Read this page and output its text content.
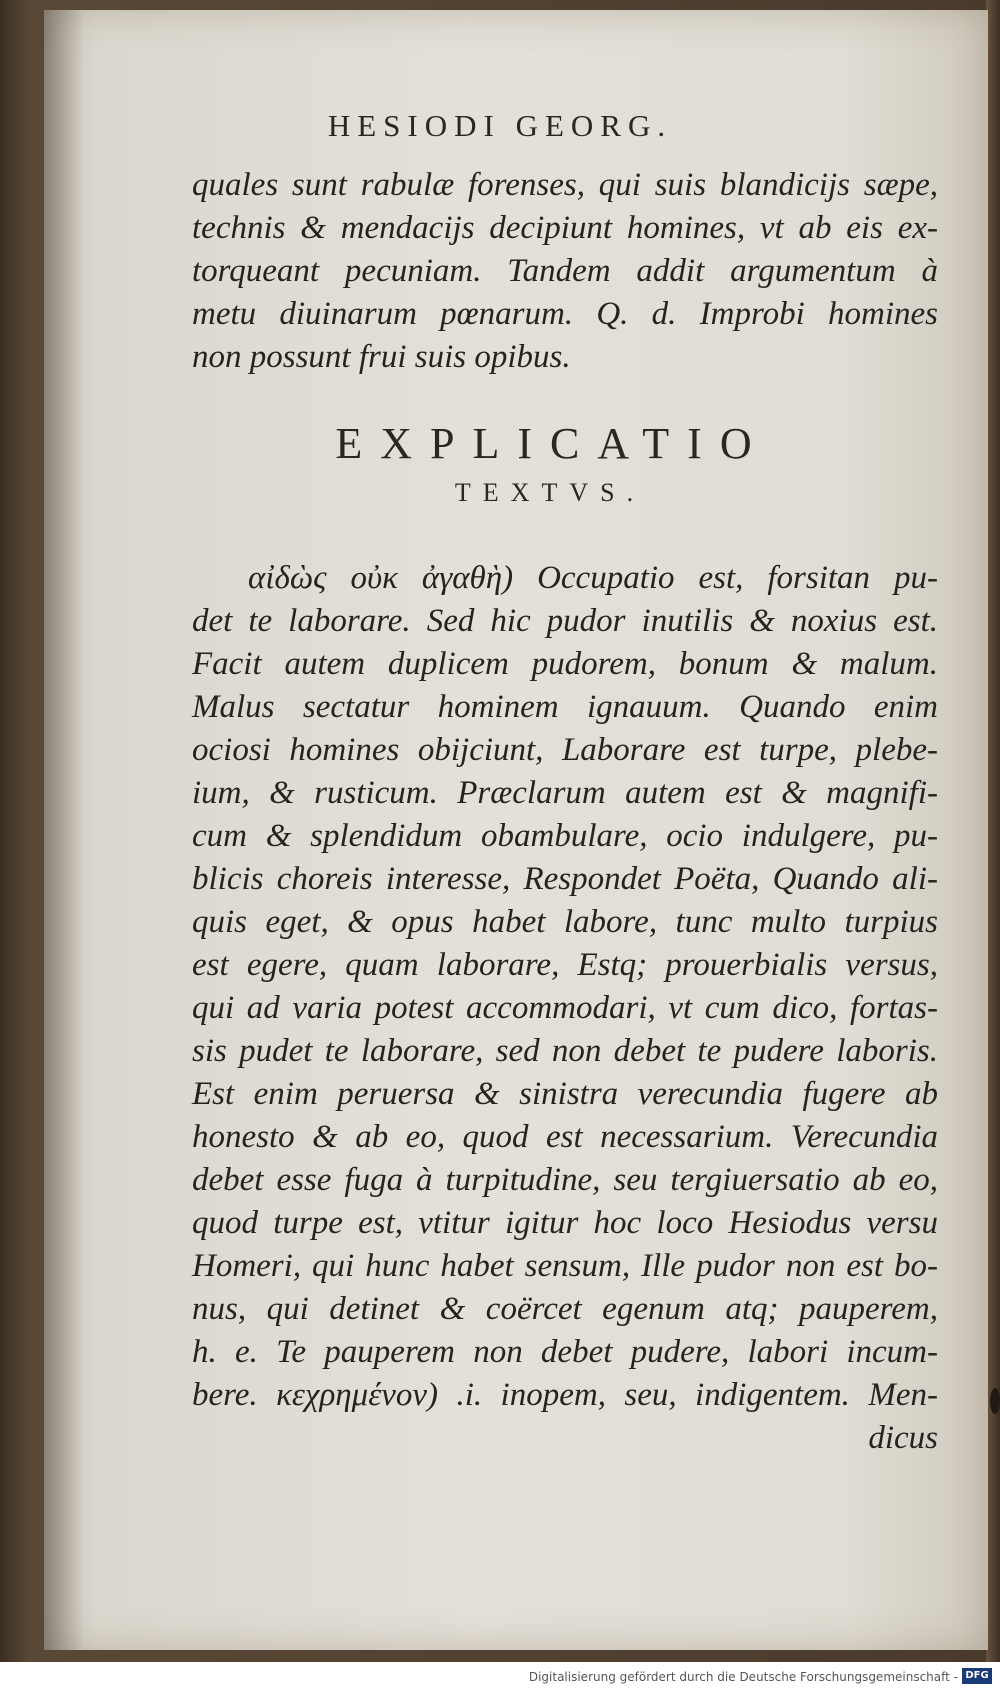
HESIODI GEORG.
quales sunt rabulæ forenses, qui suis blandicijs sæpe,
technis & mendacijs decipiunt homines, vt ab eis ex-
torqueant pecuniam. Tandem addit argumentum à
metu diuinarum pœnarum. Q. d. Improbi homines
non possunt frui suis opibus.
EXPLICATIO
TEXTVS.
αἰδὼς οὐκ ἀγαθὴ) Occupatio est, forsitan pu-
det te laborare. Sed hic pudor inutilis & noxius est.
Facit autem duplicem pudorem, bonum & malum.
Malus sectatur hominem ignauum. Quando enim
ociosi homines obijciunt, Laborare est turpe, plebe-
ium, & rusticum. Præclarum autem est & magnifi-
cum & splendidum obambulare, ocio indulgere, pu-
blicis choreis interesse, Respondet Poëta, Quando ali-
quis eget, & opus habet labore, tunc multo turpius
est egere, quam laborare, Estq; prouerbialis versus,
qui ad varia potest accommodari, vt cum dico, fortas-
sis pudet te laborare, sed non debet te pudere laboris.
Est enim peruersa & sinistra verecundia fugere ab
honesto & ab eo, quod est necessarium. Verecundia
debet esse fuga à turpitudine, seu tergiuersatio ab eo,
quod turpe est, vtitur igitur hoc loco Hesiodus versu
Homeri, qui hunc habet sensum, Ille pudor non est bo-
nus, qui detinet & coërcet egenum atq; pauperem,
h. e. Te pauperem non debet pudere, labori incum-
bere. κεχρημένον) .i. inopem, seu, indigentem. Men-
dicus
Digitalisierung gefördert durch die Deutsche Forschungsgemeinschaft - DFG
